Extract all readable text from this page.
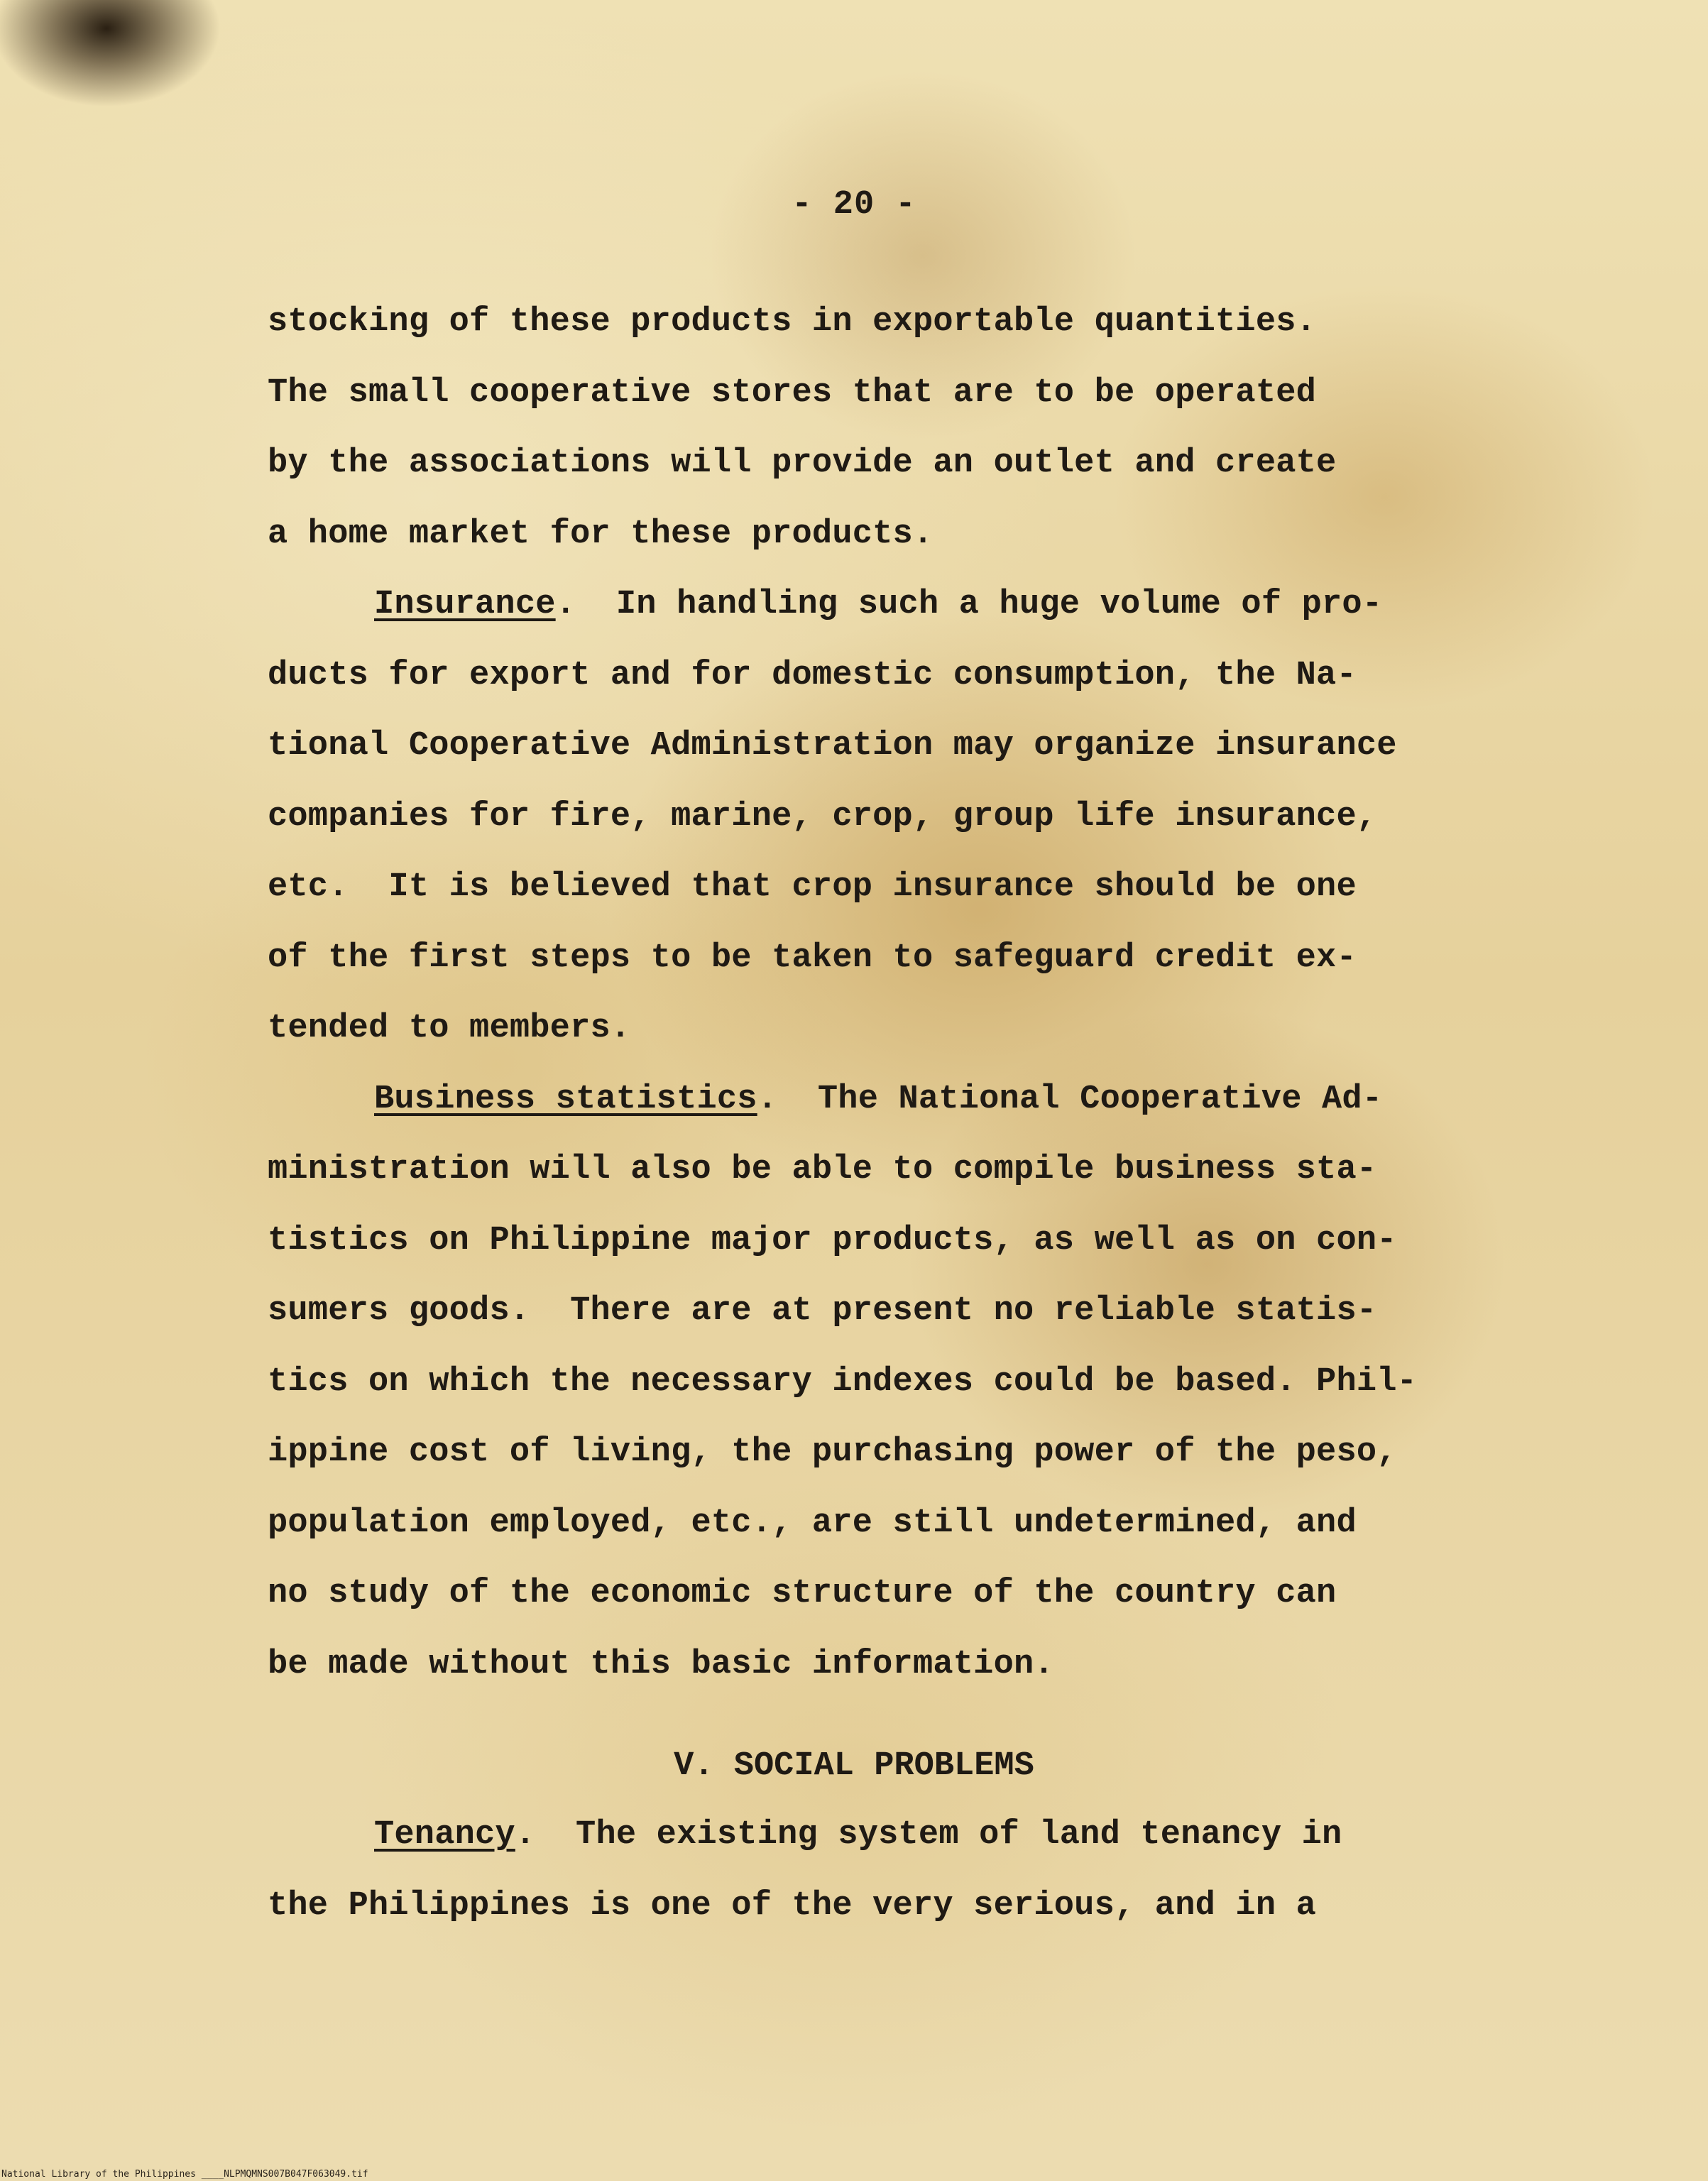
- 20 -
stocking of these products in exportable quantities.
The small cooperative stores that are to be operated
by the associations will provide an outlet and create
a home market for these products.
Insurance.  In handling such a huge volume of pro-
ducts for export and for domestic consumption, the Na-
tional Cooperative Administration may organize insurance
companies for fire, marine, crop, group life insurance,
etc.  It is believed that crop insurance should be one
of the first steps to be taken to safeguard credit ex-
tended to members.
Business statistics.  The National Cooperative Ad-
ministration will also be able to compile business sta-
tistics on Philippine major products, as well as on con-
sumers goods.  There are at present no reliable statis-
tics on which the necessary indexes could be based. Phil-
ippine cost of living, the purchasing power of the peso,
population employed, etc., are still undetermined, and
no study of the economic structure of the country can
be made without this basic information.
V. SOCIAL PROBLEMS
Tenancy.  The existing system of land tenancy in
the Philippines is one of the very serious, and in a
National Library of the Philippines ____NLPMQMNS007B047F063049.tif
